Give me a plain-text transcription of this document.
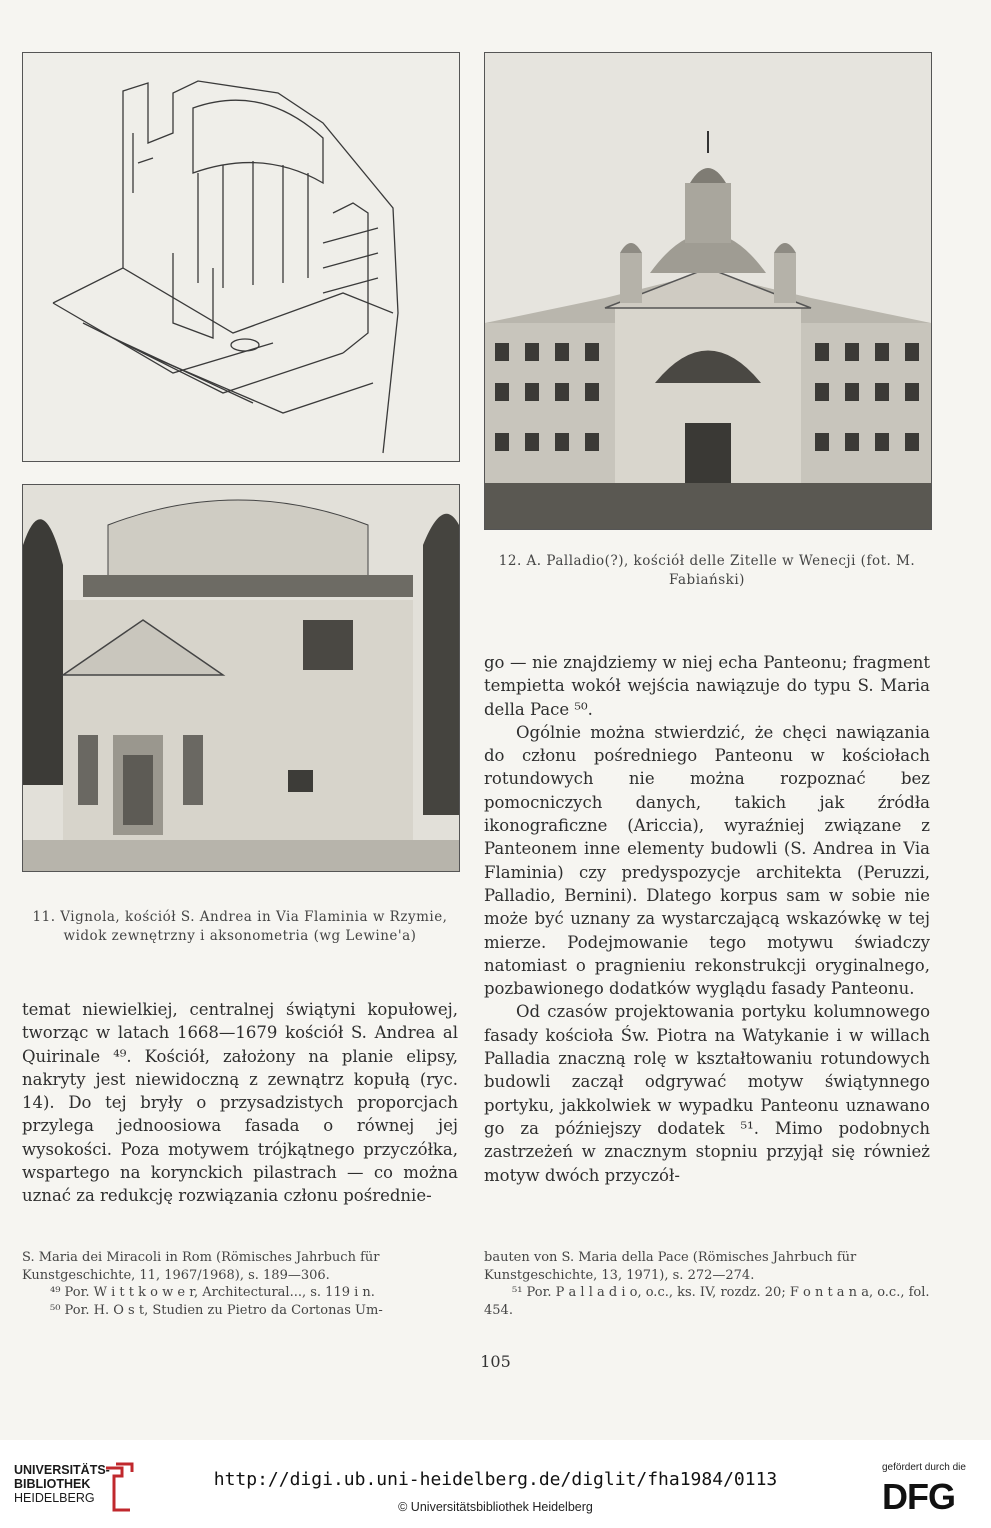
12. A. Palladio(?), kościół delle Zitelle w Wenecji (fot. M. Fabiański)
11. Vignola, kościół S. Andrea in Via Flaminia w Rzymie, widok zewnętrzny i aksonometria (wg Lewine'a)

temat niewielkiej, centralnej świątyni kopułowej, tworząc w latach 1668—1679 kościół S. Andrea al Quirinale ⁴⁹. Kościół, założony na planie elipsy, nakryty jest niewidoczną z zewnątrz kopułą (ryc. 14). Do tej bryły o przysadzistych proporcjach przylega jednoosiowa fasada o równej jej wysokości. Poza motywem trójkątnego przyczółka, wspartego na korynckich pilastrach — co można uznać za redukcję rozwiązania członu pośrednie-

go — nie znajdziemy w niej echa Panteonu; fragment tempietta wokół wejścia nawiązuje do typu S. Maria della Pace ⁵⁰.

Ogólnie można stwierdzić, że chęci nawiązania do członu pośredniego Panteonu w kościołach rotundowych nie można rozpoznać bez pomocniczych danych, takich jak źródła ikonograficzne (Ariccia), wyraźniej związane z Panteonem inne elementy budowli (S. Andrea in Via Flaminia) czy predyspozycje architekta (Peruzzi, Palladio, Bernini). Dlatego korpus sam w sobie nie może być uznany za wystarczającą wskazówkę w tej mierze. Podejmowanie tego motywu świadczy natomiast o pragnieniu rekonstrukcji oryginalnego, pozbawionego dodatków wyglądu fasady Panteonu.

Od czasów projektowania portyku kolumnowego fasady kościoła Św. Piotra na Watykanie i w willach Palladia znaczną rolę w kształtowaniu rotundowych budowli zaczął odgrywać motyw świątynnego portyku, jakkolwiek w wypadku Panteonu uznawano go za późniejszy dodatek ⁵¹. Mimo podobnych zastrzeżeń w znacznym stopniu przyjął się również motyw dwóch przyczół-

S. Maria dei Miracoli in Rom (Römisches Jahrbuch für Kunstgeschichte, 11, 1967/1968), s. 189—306.

⁴⁹ Por. W i t t k o w e r, Architectural..., s. 119 i n.

⁵⁰ Por. H. O s t, Studien zu Pietro da Cortonas Um-

bauten von S. Maria della Pace (Römisches Jahrbuch für Kunstgeschichte, 13, 1971), s. 272—274.

⁵¹ Por. P a l l a d i o, o.c., ks. IV, rozdz. 20; F o n t a n a, o.c., fol. 454.

105
UNIVERSITÄTS-
BIBLIOTHEK
HEIDELBERG
http://digi.ub.uni-heidelberg.de/diglit/fha1984/0113
© Universitätsbibliothek Heidelberg
gefördert durch die
DFG
